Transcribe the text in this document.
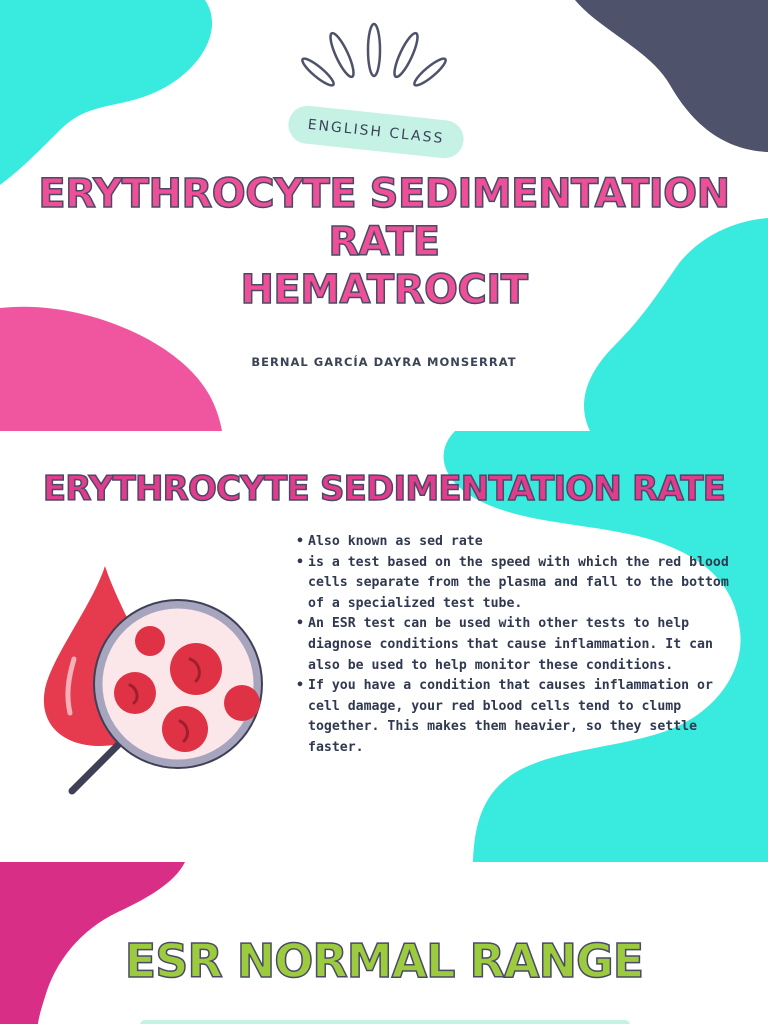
ENGLISH CLASS
ERYTHROCYTE SEDIMENTATION
RATE
HEMATROCIT

BERNAL GARCÍA DAYRA MONSERRAT

ERYTHROCYTE SEDIMENTATION RATE
• Also known as sed rate
• is a test based on the speed with which the red blood cells separate from the plasma and fall to the bottom of a specialized test tube.
• An ESR test can be used with other tests to help diagnose conditions that cause inflammation. It can also be used to help monitor these conditions.
• If you have a condition that causes inflammation or cell damage, your red blood cells tend to clump together. This makes them heavier, so they settle faster.
ESR NORMAL RANGE
